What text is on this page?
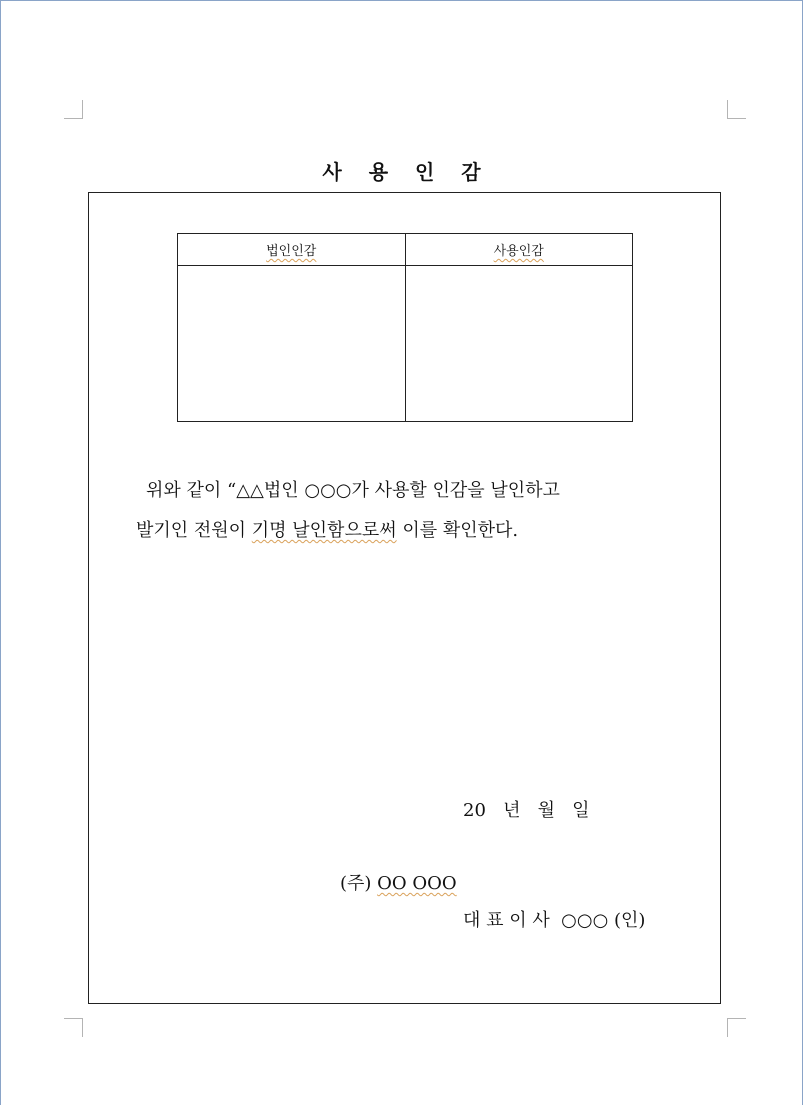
사 용 인 감
법인인감	사용인감

위와 같이 “△△법인 ○○○가 사용할 인감을 날인하고
발기인 전원이 기명 날인함으로써 이를 확인한다.
20   년   월   일
(주) OO OOO
대 표 이 사  ○○○ (인)
